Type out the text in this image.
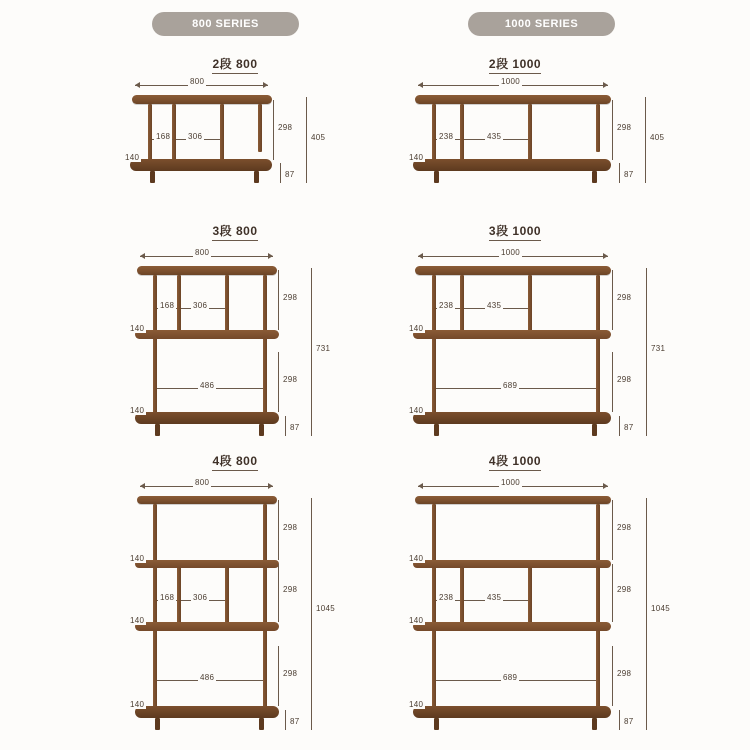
800 SERIES	1000 SERIES
2段 800
800
140
168 306
298
405
87
2段 1000
1000
140
238	435
298
405
87
3段 800
800
168 306
140
140
486
298
298
731
87
3段 1000
1000
238	435
140
140
689
298
298
731
87
4段 800
800
140
140
140
168 306
486
298
298
298
1045
87
4段 1000
1000
140
140
140
238	435
689
298
298
298
1045
87
